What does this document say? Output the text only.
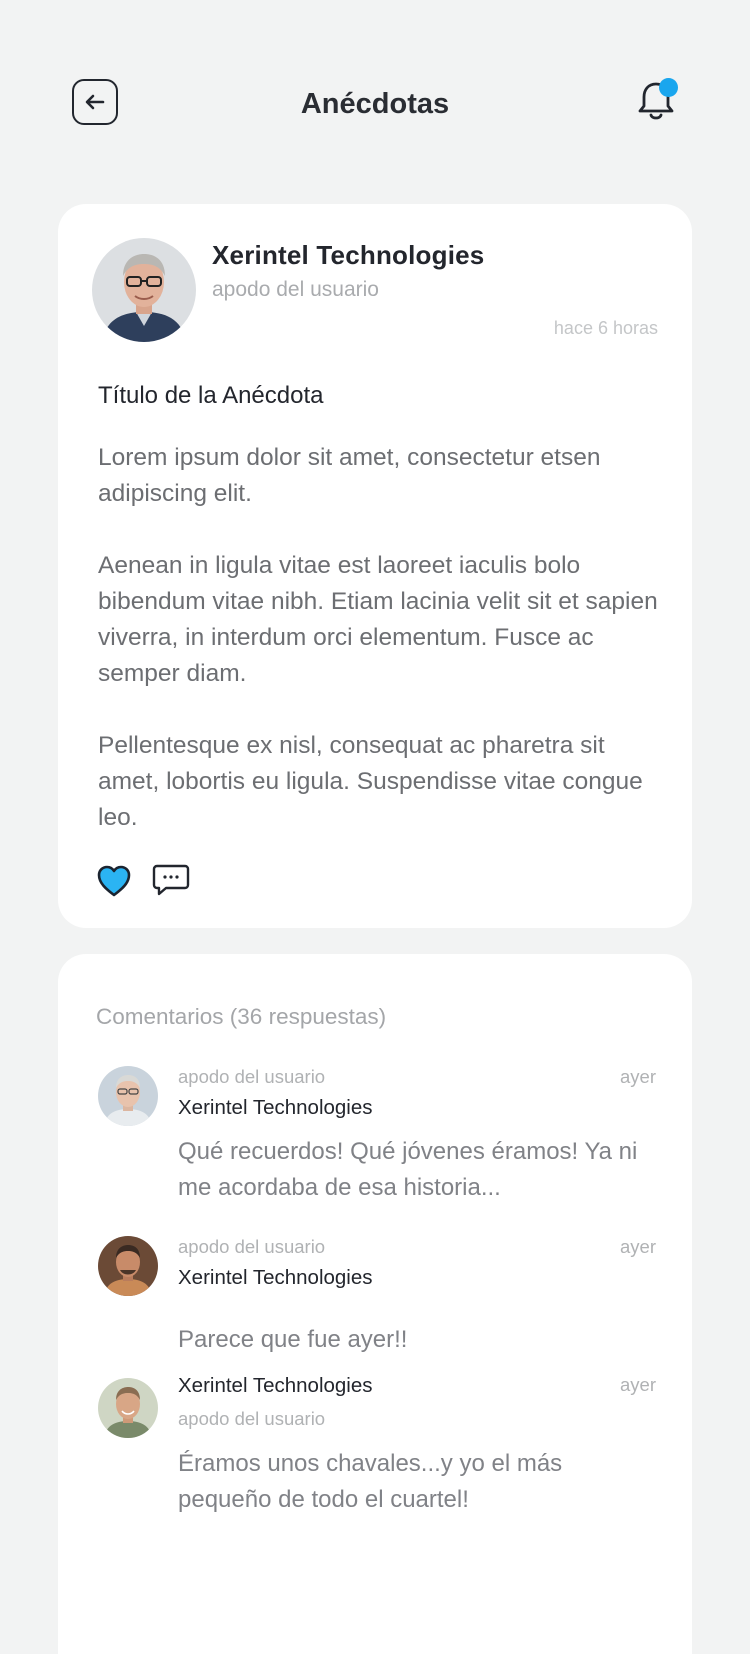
Anécdotas
Xerintel Technologies
apodo del usuario
hace 6 horas
Título de la Anécdota

Lorem ipsum dolor sit amet, consectetur etsen adipiscing elit.

Aenean in ligula vitae est laoreet iaculis bolo bibendum vitae nibh. Etiam lacinia velit sit et sapien viverra, in interdum orci elementum. Fusce ac semper diam.

Pellentesque ex nisl, consequat ac pharetra sit amet, lobortis eu ligula. Suspendisse vitae congue leo.

Comentarios (36 respuestas)
apodo del usuario
Xerintel Technologies
ayer
Qué recuerdos! Qué jóvenes éramos! Ya ni me acordaba de esa historia...
apodo del usuario
Xerintel Technologies
ayer
Parece que fue ayer!!
Xerintel Technologies
apodo del usuario
ayer
Éramos unos chavales...y yo el más pequeño de todo el cuartel!
